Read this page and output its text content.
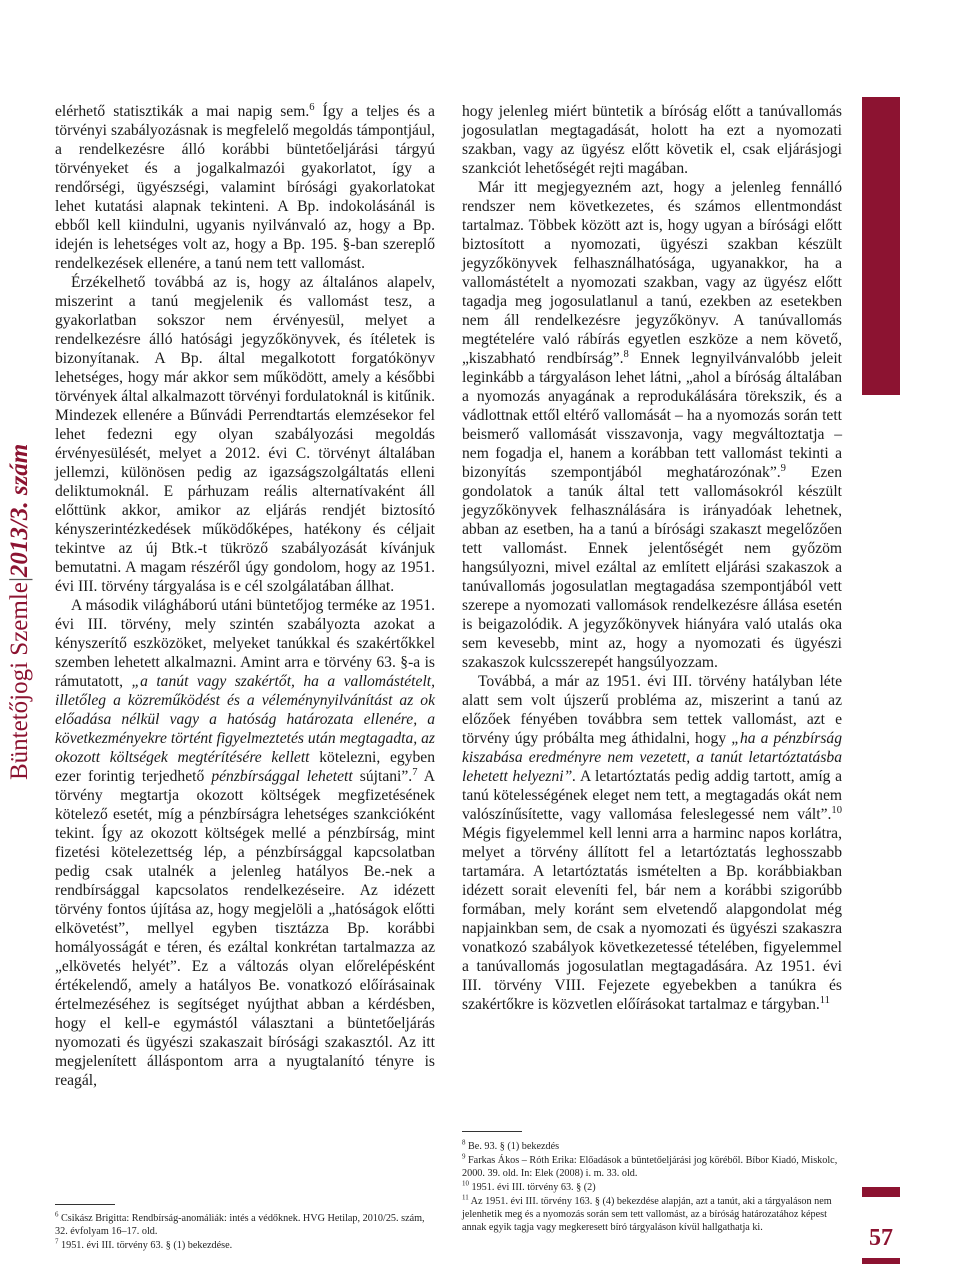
elérhető statisztikák a mai napig sem.$^6$ Így a teljes és a törvényi szabályozásnak is megfelelő megoldás támpontjául, a rendelkezésre álló korábbi büntetőeljárási tárgyú törvényeket és a jogalkalmazói gyakorlatot, így a rendőrségi, ügyészségi, valamint bírósági gyakorlatokat lehet kutatási alapnak tekinteni. A Bp. indokolásánál is ebből kell kiindulni, ugyanis nyilvánvaló az, hogy a Bp. idején is lehetséges volt az, hogy a Bp. 195. §-ban szereplő rendelkezések ellenére, a tanú nem tett vallomást.

Érzékelhető továbbá az is, hogy az általános alapelv, miszerint a tanú megjelenik és vallomást tesz, a gyakorlatban sokszor nem érvényesül, melyet a rendelkezésre álló hatósági jegyzőkönyvek, és ítéletek is bizonyítanak. A Bp. által megalkotott forgatókönyv lehetséges, hogy már akkor sem működött, amely a későbbi törvények által alkalmazott törvényi fordulatoknál is kitűnik. Mindezek ellenére a Bűnvádi Perrendtartás elemzésekor fel lehet fedezni egy olyan szabályozási megoldás érvényesülését, melyet a 2012. évi C. törvényt általában jellemzi, különösen pedig az igazságszolgáltatás elleni deliktumoknál. E párhuzam reális alternatívaként áll előttünk akkor, amikor az eljárás rendjét biztosító kényszerintézkedések működőképes, hatékony és céljait tekintve az új Btk.-t tükröző szabályozását kívánjuk bemutatni. A magam részéről úgy gondolom, hogy az 1951. évi III. törvény tárgyalása is e cél szolgálatában állhat.

A második világháború utáni büntetőjog terméke az 1951. évi III. törvény, mely szintén szabályozta azokat a kényszerítő eszközöket, melyeket tanúkkal és szakértőkkel szemben lehetett alkalmazni. Amint arra e törvény 63. §-a is rámutatott, „a tanút vagy szakértőt, ha a vallomástételt, illetőleg a közreműködést és a véleménynyilvánítást az ok előadása nélkül vagy a hatóság határozata ellenére, a következményekre történt figyelmeztetés után megtagadta, az okozott költségek megtérítésére kellett kötelezni, egyben ezer forintig terjedhető pénzbírsággal lehetett sújtani”.$^7$ A törvény megtartja okozott költségek megfizetésének kötelező esetét, míg a pénzbírságra lehetséges szankcióként tekint. Így az okozott költségek mellé a pénzbírság, mint fizetési kötelezettség lép, a pénzbírsággal kapcsolatban pedig csak utalnék a jelenleg hatályos Be.-nek a rendbírsággal kapcsolatos rendelkezéseire. Az idézett törvény fontos újítása az, hogy megjelöli a „hatóságok előtti elkövetést”, mellyel egyben tisztázza Bp. korábbi homályosságát e téren, és ezáltal konkrétan tartalmazza az „elkövetés helyét”. Ez a változás olyan előrelépésként értékelendő, amely a hatályos Be. vonatkozó előírásainak értelmezéséhez is segítséget nyújthat abban a kérdésben, hogy el kell-e egymástól választani a büntetőeljárás nyomozati és ügyészi szakaszait bírósági szakasztól. Az itt megjelenített álláspontom arra a nyugtalanító tényre is reagál,

hogy jelenleg miért büntetik a bíróság előtt a tanúvallomás jogosulatlan megtagadását, holott ha ezt a nyomozati szakban, vagy az ügyész előtt követik el, csak eljárásjogi szankciót lehetőségét rejti magában.

Már itt megjegyezném azt, hogy a jelenleg fennálló rendszer nem következetes, és számos ellentmondást tartalmaz. Többek között azt is, hogy ugyan a bírósági előtt biztosított a nyomozati, ügyészi szakban készült jegyzőkönyvek felhasználhatósága, ugyanakkor, ha a vallomástételt a nyomozati szakban, vagy az ügyész előtt tagadja meg jogosulatlanul a tanú, ezekben az esetekben nem áll rendelkezésre jegyzőkönyv. A tanúvallomás megtételére való rábírás egyetlen eszköze a nem követő, „kiszabható rendbírság”.$^8$ Ennek legnyilvánvalóbb jeleit leginkább a tárgyaláson lehet látni, „ahol a bíróság általában a nyomozás anyagának a reprodukálására törekszik, és a vádlottnak ettől eltérő vallomását – ha a nyomozás során tett beismerő vallomását visszavonja, vagy megváltoztatja – nem fogadja el, hanem a korábban tett vallomást tekinti a bizonyítás szempontjából meghatározónak”.$^9$ Ezen gondolatok a tanúk által tett vallomásokról készült jegyzőkönyvek felhasználására is irányadóak lehetnek, abban az esetben, ha a tanú a bírósági szakaszt megelőzően tett vallomást. Ennek jelentőségét nem győzöm hangsúlyozni, mivel ezáltal az említett eljárási szakaszok a tanúvallomás jogosulatlan megtagadása szempontjából vett szerepe a nyomozati vallomások rendelkezésre állása esetén is beigazolódik. A jegyzőkönyvek hiányára való utalás oka sem kevesebb, mint az, hogy a nyomozati és ügyészi szakaszok kulcsszerepét hangsúlyozzam.

Továbbá, a már az 1951. évi III. törvény hatályban léte alatt sem volt újszerű probléma az, miszerint a tanú az előzőek fényében továbbra sem tettek vallomást, azt e törvény úgy próbálta meg áthidalni, hogy „ha a pénzbírság kiszabása eredményre nem vezetett, a tanút letartóztatásba lehetett helyezni”. A letartóztatás pedig addig tartott, amíg a tanú kötelességének eleget nem tett, a megtagadás okát nem valószínűsítette, vagy vallomása feleslegessé nem vált”.$^{10}$ Mégis figyelemmel kell lenni arra a harminc napos korlátra, melyet a törvény állított fel a letartóztatás leghosszabb tartamára. A letartóztatás ismételten a Bp. korábbiakban idézett sorait eleveníti fel, bár nem a korábbi szigorúbb formában, mely koránt sem elvetendő alapgondolat még napjainkban sem, de csak a nyomozati és ügyészi szakaszra vonatkozó szabályok következetessé tételében, figyelemmel a tanúvallomás jogosulatlan megtagadására. Az 1951. évi III. törvény VIII. Fejezete egyebekben a tanúkra és szakértőkre is közvetlen előírásokat tartalmaz e tárgyban.$^{11}$

$^6$ Csikász Brigitta: Rendbírság-anomáliák: intés a védőknek. HVG Hetilap, 2010/25. szám, 32. évfolyam 16–17. old.

$^7$ 1951. évi III. törvény 63. § (1) bekezdése.

$^8$ Be. 93. § (1) bekezdés

$^9$ Farkas Ákos – Róth Erika: Előadások a büntetőeljárási jog köréből. Bíbor Kiadó, Miskolc, 2000. 39. old. In: Elek (2008) i. m. 33. old.

$^{10}$ 1951. évi III. törvény 63. § (2)

$^{11}$ Az 1951. évi III. törvény 163. § (4) bekezdése alapján, azt a tanút, aki a tárgyaláson nem jelenhetik meg és a nyomozás során sem tett vallomást, az a bíróság határozatához képest annak egyik tagja vagy megkeresett bíró tárgyaláson kívül hallgathatja ki.

Büntetőjogi Szemle|2013/3. szám
57
